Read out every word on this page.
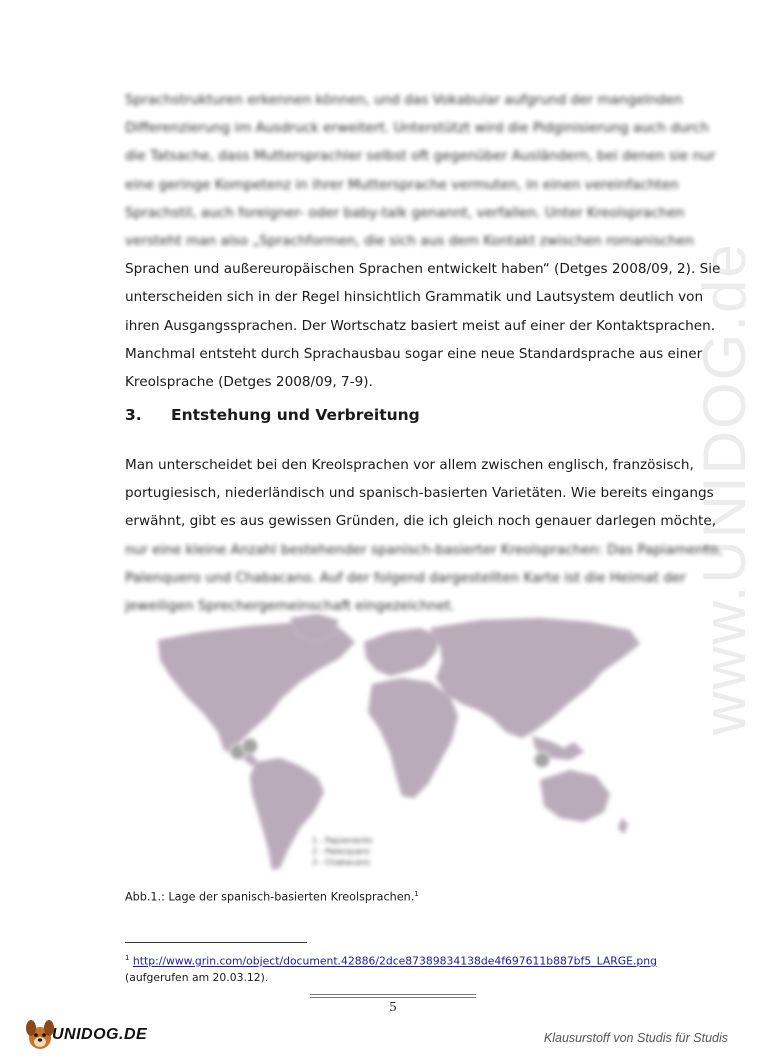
www.UNIDOG.de

Sprachstrukturen erkennen können, und das Vokabular aufgrund der mangelnden
Differenzierung im Ausdruck erweitert. Unterstützt wird die Pidginisierung auch durch
die Tatsache, dass Muttersprachler selbst oft gegenüber Ausländern, bei denen sie nur
eine geringe Kompetenz in ihrer Muttersprache vermuten, in einen vereinfachten
Sprachstil, auch foreigner- oder baby-talk genannt, verfallen. Unter Kreolsprachen
versteht man also „Sprachformen, die sich aus dem Kontakt zwischen romanischen
Sprachen und außereuropäischen Sprachen entwickelt haben“ (Detges 2008/09, 2). Sie
unterscheiden sich in der Regel hinsichtlich Grammatik und Lautsystem deutlich von
ihren Ausgangssprachen. Der Wortschatz basiert meist auf einer der Kontaktsprachen.
Manchmal entsteht durch Sprachausbau sogar eine neue Standardsprache aus einer
Kreolsprache (Detges 2008/09, 7-9).

3. Entstehung und Verbreitung

Man unterscheidet bei den Kreolsprachen vor allem zwischen englisch, französisch,
portugiesisch, niederländisch und spanisch-basierten Varietäten. Wie bereits eingangs
erwähnt, gibt es aus gewissen Gründen, die ich gleich noch genauer darlegen möchte,
nur eine kleine Anzahl bestehender spanisch-basierter Kreolsprachen: Das Papiamento,
Palenquero und Chabacano. Auf der folgend dargestellten Karte ist die Heimat der
jeweiligen Sprechergemeinschaft eingezeichnet.

1 - Papiamento
2 - Palenquero
3 - Chabacano
Abb.1.: Lage der spanisch-basierten Kreolsprachen.$^1$
$^1$ http://www.grin.com/object/document.42886/2dce87389834138de4f697611b887bf5_LARGE.png
(aufgerufen am 20.03.12).
5
UNIDOG.DE	Klausurstoff von Studis für Studis
